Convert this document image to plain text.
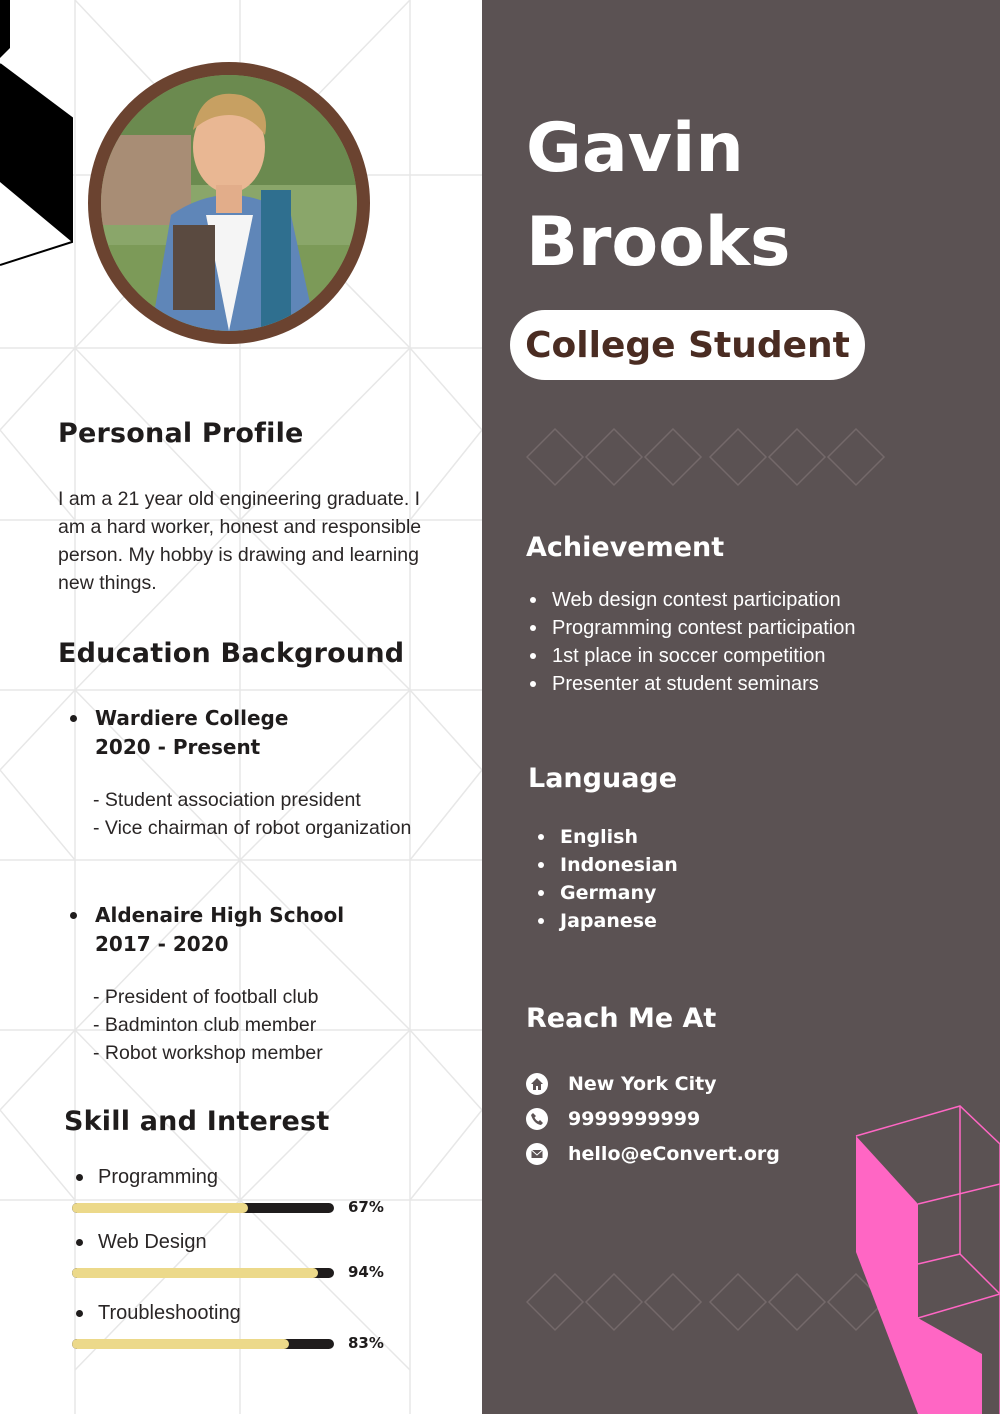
Personal Profile
I am a 21 year old engineering graduate. I am a hard worker, honest and responsible person. My hobby is drawing and learning new things.
Education Background
Wardiere College
2020 - Present
- Student association president
- Vice chairman of robot organization
Aldenaire High School
2017 - 2020
- President of football club
- Badminton club member
- Robot workshop member
Skill and Interest
Programming
67%
Web Design
94%
Troubleshooting
83%
Gavin
Brooks
College Student
Achievement
Web design contest participation
Programming contest participation
1st place in soccer competition
Presenter at student seminars
Language
English
Indonesian
Germany
Japanese
Reach Me At
New York City
9999999999
hello@eConvert.org
